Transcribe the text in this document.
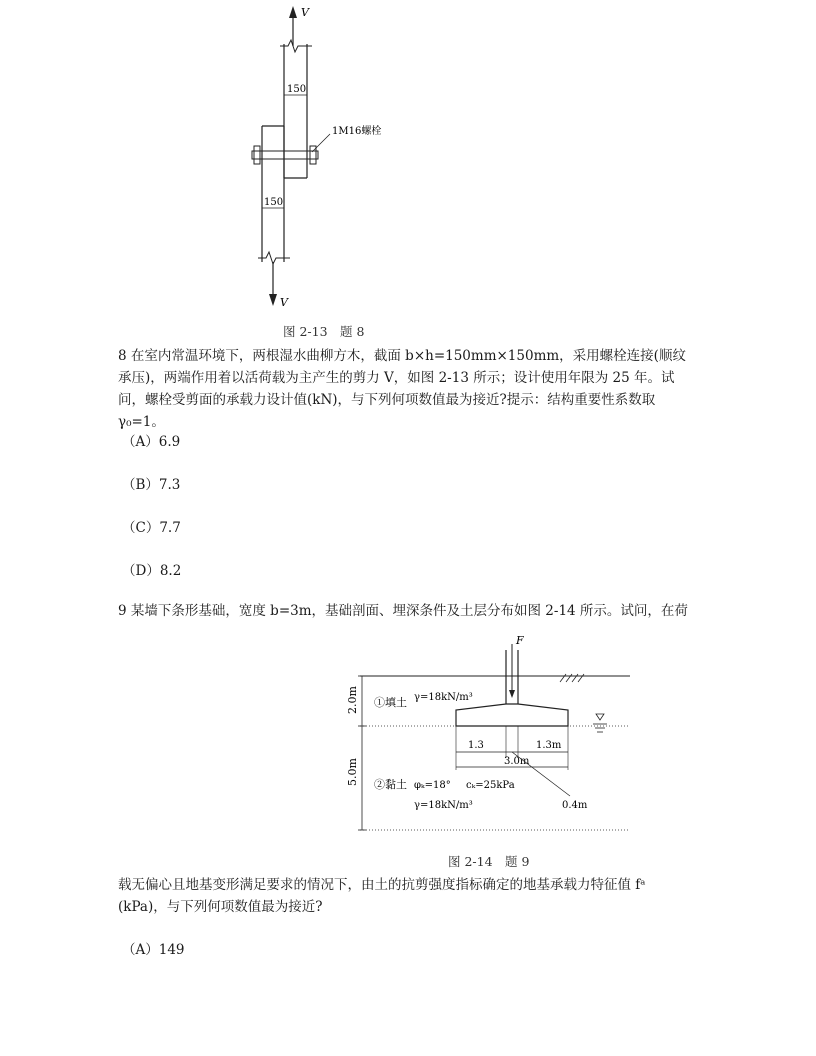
V
150
150
1M16螺栓
V
图 2-13　题 8
8 在室内常温环境下，两根湿水曲柳方木，截面 b×h=150mm×150mm，采用螺栓连接(顺纹承压)，两端作用着以活荷载为主产生的剪力 V，如图 2-13 所示；设计使用年限为 25 年。试问，螺栓受剪面的承载力设计值(kN)，与下列何项数值最为接近?提示：结构重要性系数取γ₀=1。
（A）6.9
（B）7.3
（C）7.7
（D）8.2
9 某墙下条形基础，宽度 b=3m，基础剖面、埋深条件及土层分布如图 2-14 所示。试问，在荷
2.0m
5.0m
F
1.3	1.3m
3.0m
0.4m
①填土 γ=18kN/m³
②黏土 φₖ=18° cₖ=25kPa
γ=18kN/m³
图 2-14　题 9
载无偏心且地基变形满足要求的情况下，由土的抗剪强度指标确定的地基承载力特征值 fᵃ (kPa)，与下列何项数值最为接近?
（A）149
